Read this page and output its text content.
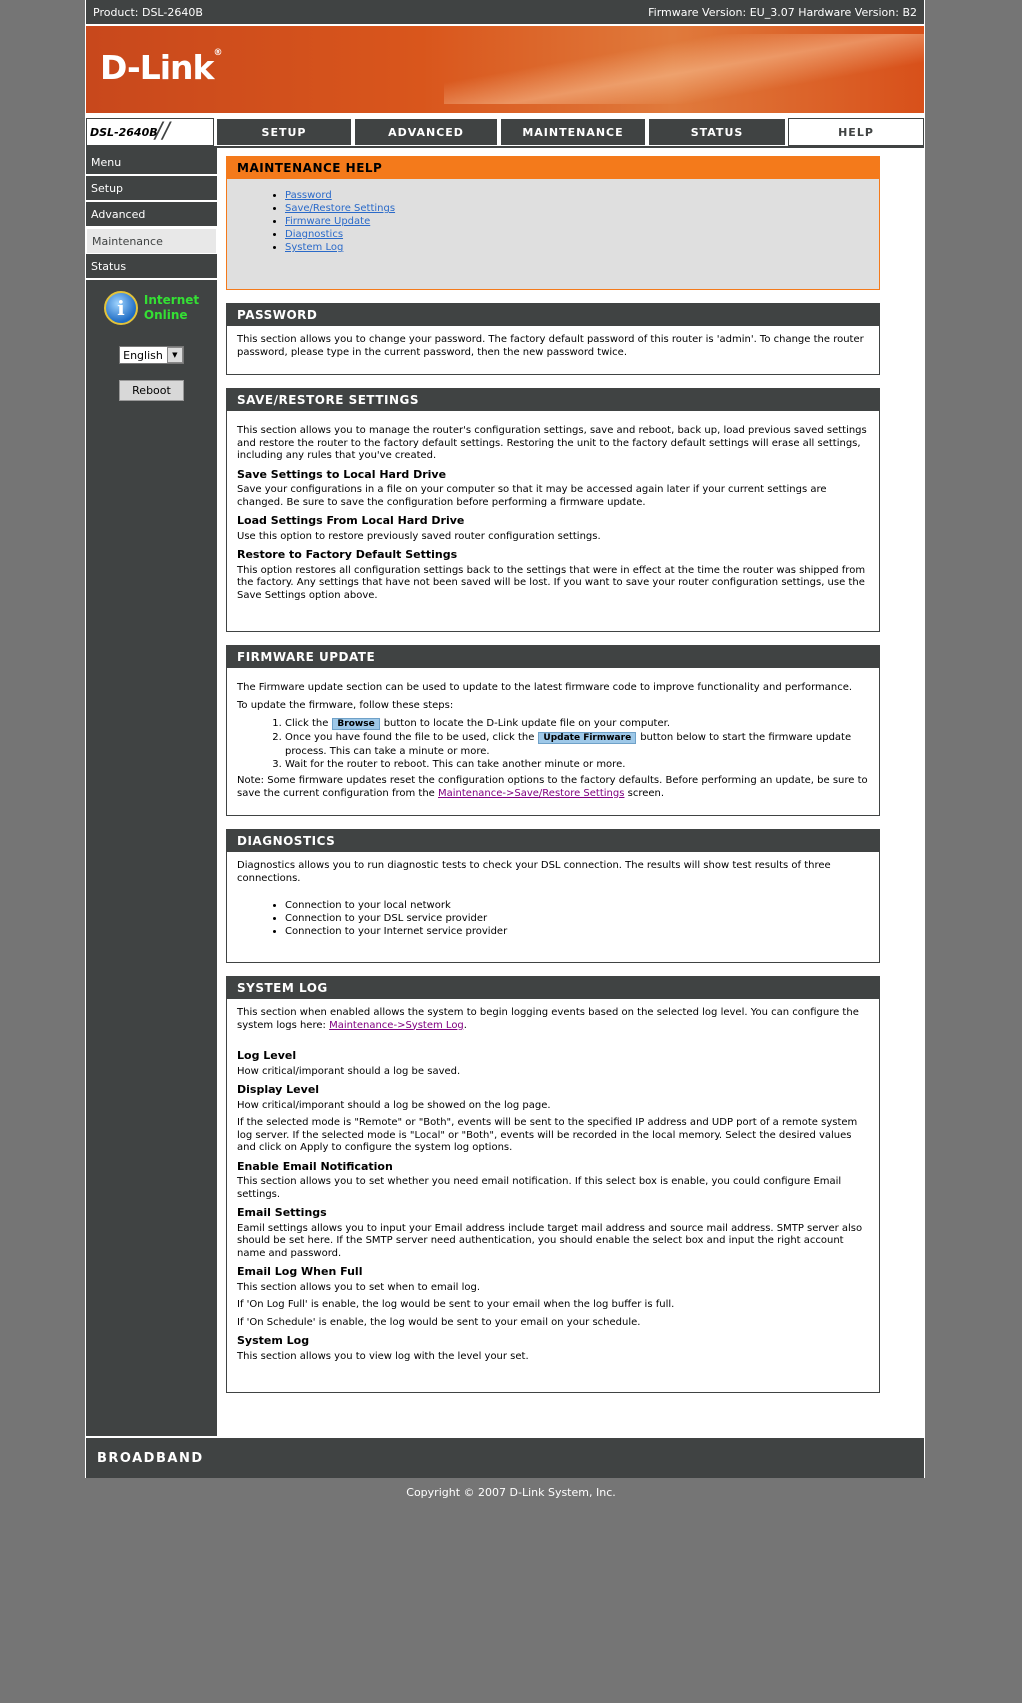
Product: DSL-2640B	Firmware Version: EU_3.07 Hardware Version: B2
D-Link®
DSL-2640B
//	SETUP	ADVANCED	MAINTENANCE	STATUS	HELP
Menu
Setup
Advanced
Maintenance
Status
i	Internet
Online
English	▼
Reboot
MAINTENANCE HELP
• Password
• Save/Restore Settings
• Firmware Update
• Diagnostics
• System Log
PASSWORD

This section allows you to change your password. The factory default password of this router is 'admin'. To change the router password, please type in the current password, then the new password twice.

SAVE/RESTORE SETTINGS

This section allows you to manage the router's configuration settings, save and reboot, back up, load previous saved settings and restore the router to the factory default settings. Restoring the unit to the factory default settings will erase all settings, including any rules that you've created.

Save Settings to Local Hard Drive

Save your configurations in a file on your computer so that it may be accessed again later if your current settings are changed. Be sure to save the configuration before performing a firmware update.

Load Settings From Local Hard Drive

Use this option to restore previously saved router configuration settings.

Restore to Factory Default Settings

This option restores all configuration settings back to the settings that were in effect at the time the router was shipped from the factory. Any settings that have not been saved will be lost. If you want to save your router configuration settings, use the Save Settings option above.

FIRMWARE UPDATE

The Firmware update section can be used to update to the latest firmware code to improve functionality and performance.

To update the firmware, follow these steps:

1. Click the Browse button to locate the D-Link update file on your computer.
2. Once you have found the file to be used, click the Update Firmware button below to start the firmware update process. This can take a minute or more.
3. Wait for the router to reboot. This can take another minute or more.

Note: Some firmware updates reset the configuration options to the factory defaults. Before performing an update, be sure to save the current configuration from the Maintenance->Save/Restore Settings screen.

DIAGNOSTICS

Diagnostics allows you to run diagnostic tests to check your DSL connection. The results will show test results of three connections.

• Connection to your local network
• Connection to your DSL service provider
• Connection to your Internet service provider
SYSTEM LOG

This section when enabled allows the system to begin logging events based on the selected log level. You can configure the system logs here: Maintenance->System Log.

Log Level

How critical/imporant should a log be saved.

Display Level

How critical/imporant should a log be showed on the log page.

If the selected mode is "Remote" or "Both", events will be sent to the specified IP address and UDP port of a remote system log server. If the selected mode is "Local" or "Both", events will be recorded in the local memory. Select the desired values and click on Apply to configure the system log options.

Enable Email Notification

This section allows you to set whether you need email notification. If this select box is enable, you could configure Email settings.

Email Settings

Eamil settings allows you to input your Email address include target mail address and source mail address. SMTP server also should be set here. If the SMTP server need authentication, you should enable the select box and input the right account name and password.

Email Log When Full

This section allows you to set when to email log.

If 'On Log Full' is enable, the log would be sent to your email when the log buffer is full.

If 'On Schedule' is enable, the log would be sent to your email on your schedule.

System Log

This section allows you to view log with the level your set.

BROADBAND
Copyright © 2007 D-Link System, Inc.
